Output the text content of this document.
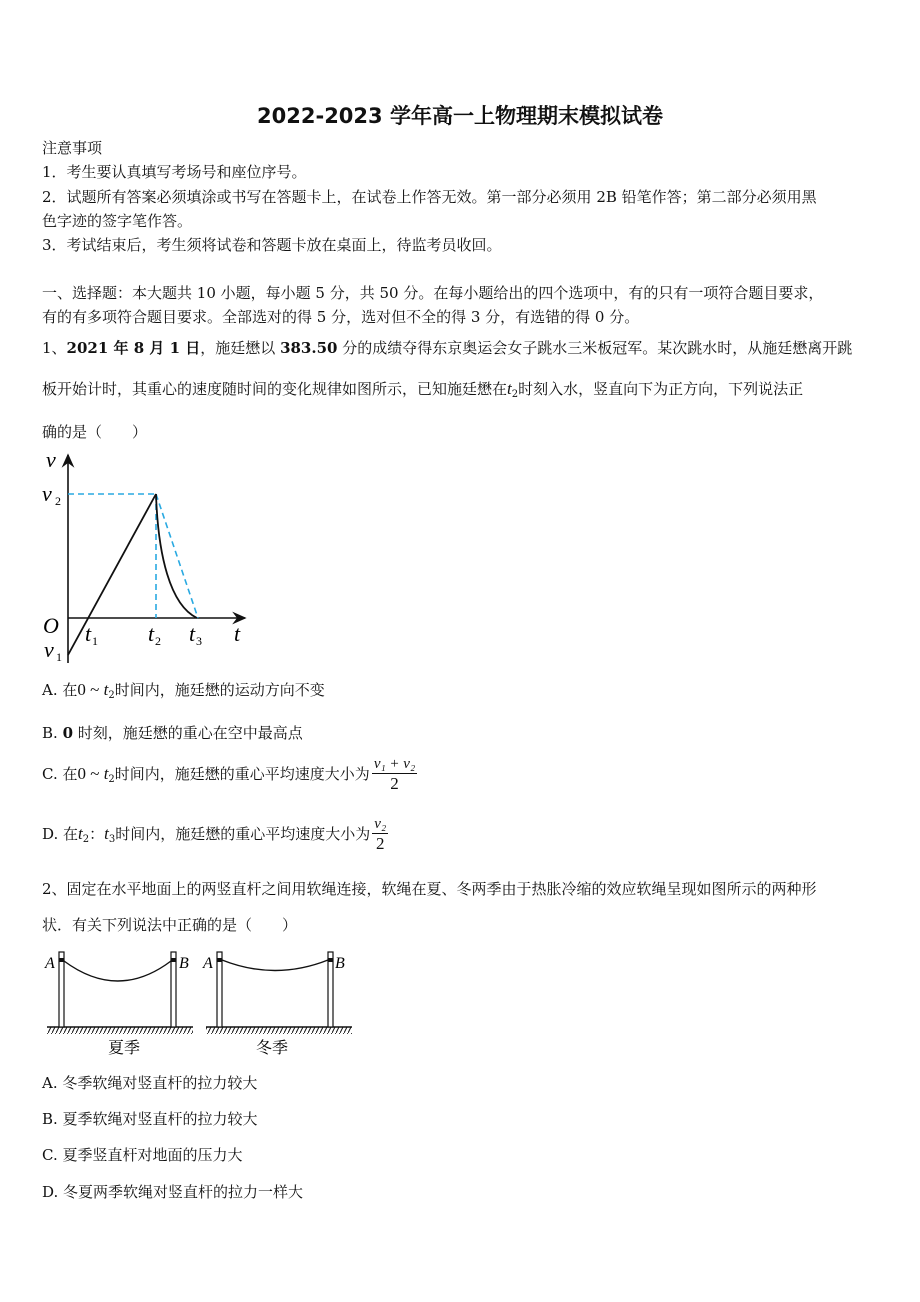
2022-2023 学年高一上物理期末模拟试卷
注意事项
1．考生要认真填写考场号和座位序号。
2．试题所有答案必须填涂或书写在答题卡上，在试卷上作答无效。第一部分必须用 2B 铅笔作答；第二部分必须用黑
色字迹的签字笔作答。
3．考试结束后，考生须将试卷和答题卡放在桌面上，待监考员收回。
一、选择题：本大题共 10 小题，每小题 5 分，共 50 分。在每小题给出的四个选项中，有的只有一项符合题目要求，
有的有多项符合题目要求。全部选对的得 5 分，选对但不全的得 3 分，有选错的得 0 分。
1、2021 年 8 月 1 日，施廷懋以 383.50 分的成绩夺得东京奥运会女子跳水三米板冠军。某次跳水时，从施廷懋离开跳
板开始计时，其重心的速度随时间的变化规律如图所示，已知施廷懋在$t_2$时刻入水，竖直向下为正方向，下列说法正
确的是（　　）
v
v 2
O
v 1
t 1 t 2 t 3 t
A. 在0 ~ $t_2$时间内，施廷懋的运动方向不变
B. 0 时刻，施廷懋的重心在空中最高点
C. 在0 ~ $t_2$时间内，施廷懋的重心平均速度大小为 $\frac{\text{v₁ + v₂}}{2}$
D. 在$t_2$：$t_3$时间内，施廷懋的重心平均速度大小为 $\frac{\text{v₂}}{2}$
2、固定在水平地面上的两竖直杆之间用软绳连接，软绳在夏、冬两季由于热胀冷缩的效应软绳呈现如图所示的两种形
状．有关下列说法中正确的是（　　）
A	B
夏季
A	B
冬季
A. 冬季软绳对竖直杆的拉力较大
B. 夏季软绳对竖直杆的拉力较大
C. 夏季竖直杆对地面的压力大
D. 冬夏两季软绳对竖直杆的拉力一样大
